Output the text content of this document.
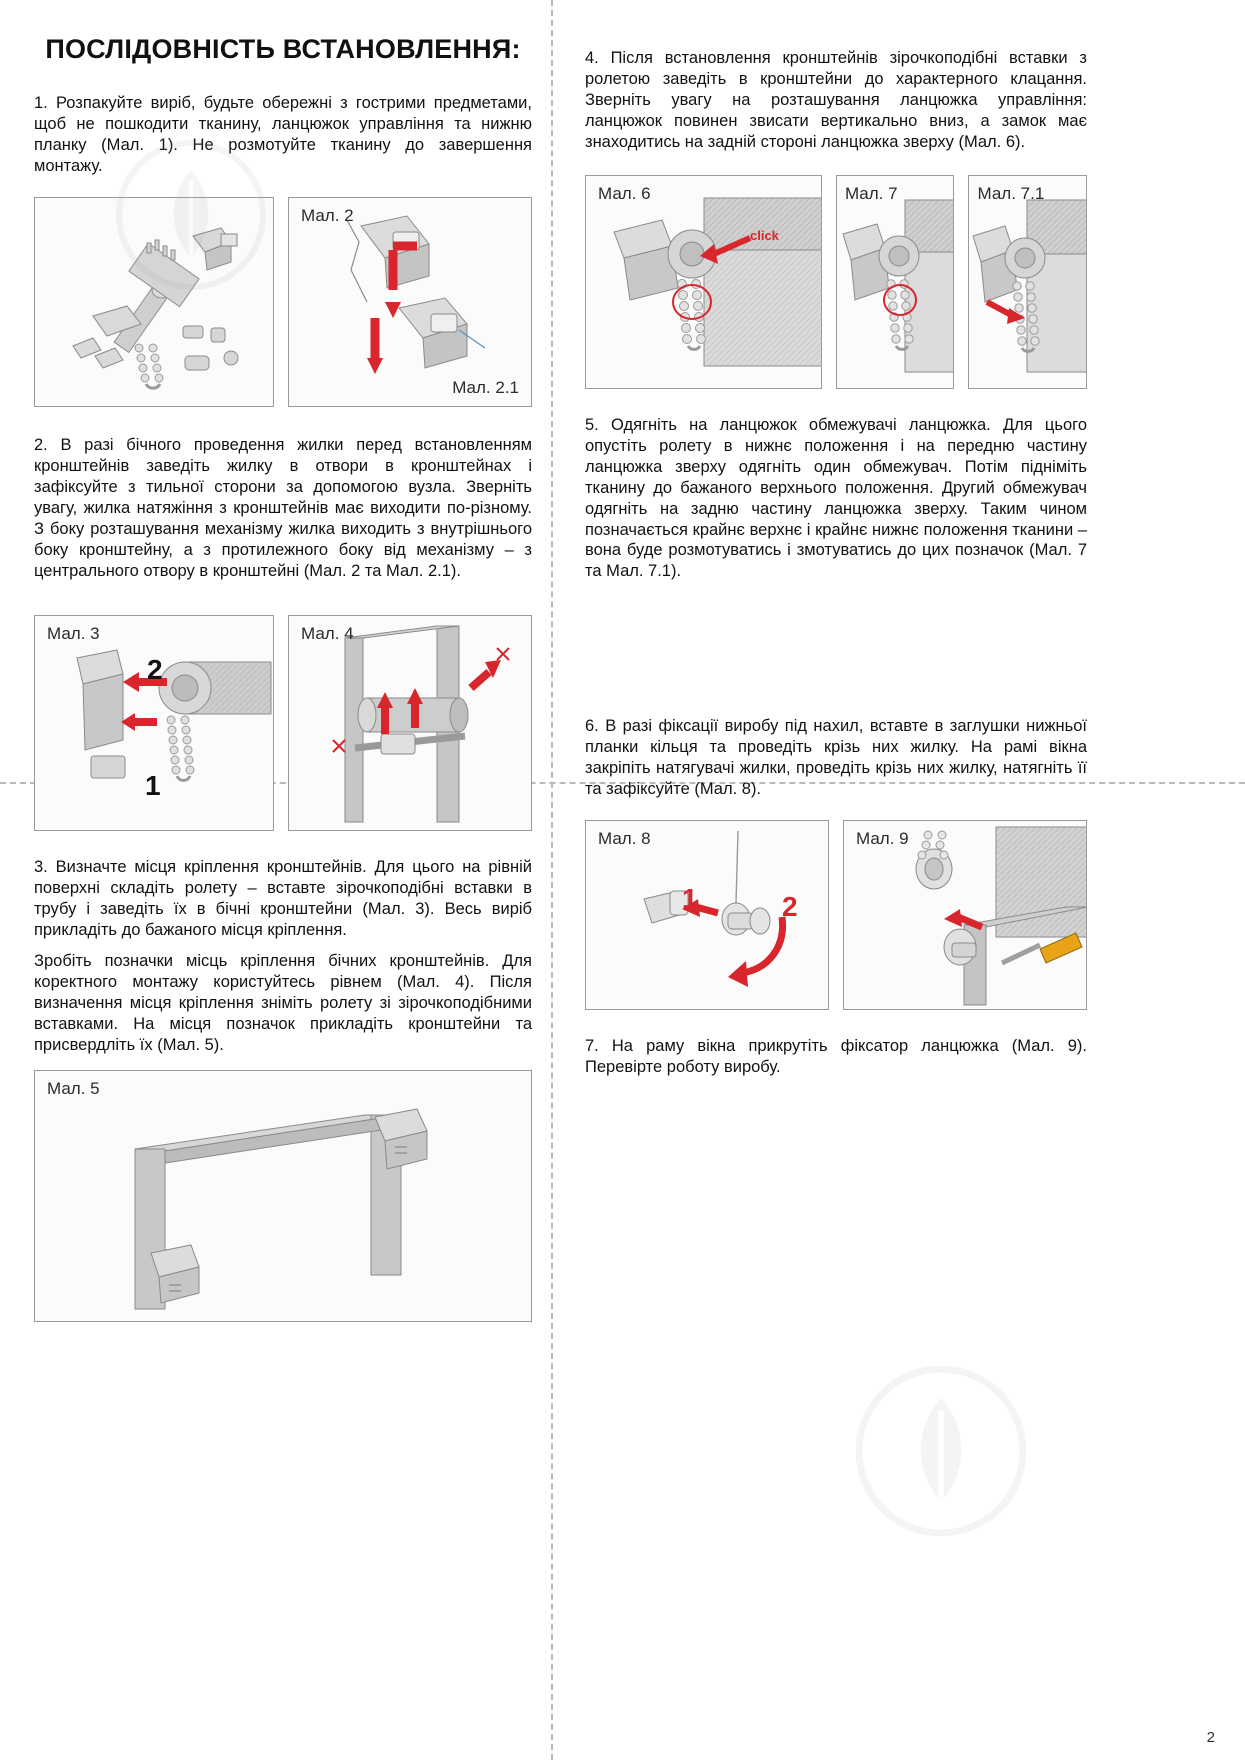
ПОСЛІДОВНІСТЬ ВСТАНОВЛЕННЯ:

1. Розпакуйте виріб, будьте обережні з гострими предметами, щоб не пошкодити тканину, ланцюжок управління та нижню планку (Мал. 1). Не розмотуйте тканину до завершення монтажу.

Мал. 2
Мал. 2.1

2. В разі бічного проведення жилки перед встановленням кронштейнів заведіть жилку в отвори в кронштейнах і зафіксуйте з тильної сторони за допомогою вузла. Зверніть увагу, жилка натяжіння з кронштейнів має виходити по-різному. З боку розташування механізму жилка виходить з внутрішнього боку кронштейну, а з протилежного боку від механізму – з центрального отвору в кронштейні (Мал. 2 та Мал. 2.1).

Мал. 3
2
1
Мал. 4

3. Визначте місця кріплення кронштейнів. Для цього на рівній поверхні складіть ролету – вставте зірочкоподібні вставки в трубу і заведіть їх в бічні кронштейни (Мал. 3). Весь виріб прикладіть до бажаного місця кріплення.

Зробіть позначки місць кріплення бічних кронштейнів. Для коректного монтажу користуйтесь рівнем (Мал. 4). Після визначення місця кріплення зніміть ролету зі зірочкоподібними вставками. На місця позначок прикладіть кронштейни та присвердліть їх (Мал. 5).

Мал. 5

4. Після встановлення кронштейнів зірочкоподібні вставки з ролетою заведіть в кронштейни до характерного клацання. Зверніть увагу на розташування ланцюжка управління: ланцюжок повинен звисати вертикально вниз, а замок має знаходитись на задній стороні ланцюжка зверху (Мал. 6).

Мал. 6
click
Мал. 7	Мал. 7.1

5. Одягніть на ланцюжок обмежувачі ланцюжка. Для цього опустіть ролету в нижнє положення і на передню частину ланцюжка зверху одягніть один обмежувач. Потім підніміть тканину до бажаного верхнього положення. Другий обмежувач одягніть на задню частину ланцюжка зверху. Таким чином позначається крайнє верхнє і крайнє нижнє положення тканини – вона буде розмотуватись і змотуватись до цих позначок (Мал. 7 та Мал. 7.1).

6. В разі фіксації виробу під нахил, вставте в заглушки нижньої планки кільця та проведіть крізь них жилку. На рамі вікна закріпіть натягувачі жилки, проведіть крізь них жилку, натягніть її та зафіксуйте (Мал. 8).

Мал. 8
1	2
Мал. 9

7. На раму вікна прикрутіть фіксатор ланцюжка (Мал. 9). Перевірте роботу виробу.

2
